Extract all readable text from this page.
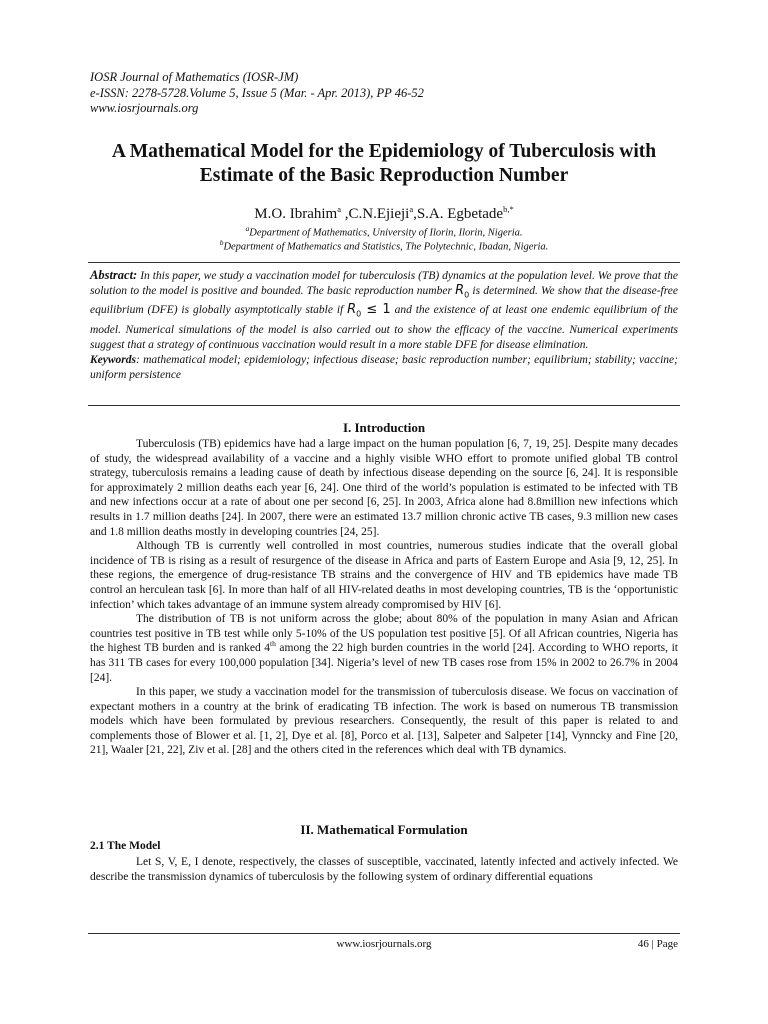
IOSR Journal of Mathematics (IOSR-JM)
e-ISSN: 2278-5728.Volume 5, Issue 5 (Mar. - Apr. 2013), PP 46-52
www.iosrjournals.org
A Mathematical Model for the Epidemiology of Tuberculosis with
Estimate of the Basic Reproduction Number
M.O. Ibrahim$^a$ ,C.N.Ejieji$^a$,S.A. Egbetade$^{b,*}$
$^a$Department of Mathematics, University of Ilorin, Ilorin, Nigeria.
$^b$Department of Mathematics and Statistics, The Polytechnic, Ibadan, Nigeria.
Abstract: In this paper, we study a vaccination model for tuberculosis (TB) dynamics at the population level. We prove that the solution to the model is positive and bounded. The basic reproduction number $R_0$ is determined. We show that the disease-free equilibrium (DFE) is globally asymptotically stable if $R_0 \le 1$ and the existence of at least one endemic equilibrium of the model. Numerical simulations of the model is also carried out to show the efficacy of the vaccine. Numerical experiments suggest that a strategy of continuous vaccination would result in a more stable DFE for disease elimination.
Keywords: mathematical model; epidemiology; infectious disease; basic reproduction number; equilibrium; stability; vaccine; uniform persistence
I. Introduction

Tuberculosis (TB) epidemics have had a large impact on the human population [6, 7, 19, 25]. Despite many decades of study, the widespread availability of a vaccine and a highly visible WHO effort to promote unified global TB control strategy, tuberculosis remains a leading cause of death by infectious disease depending on the source [6, 24]. It is responsible for approximately 2 million deaths each year [6, 24]. One third of the world’s population is estimated to be infected with TB and new infections occur at a rate of about one per second [6, 25]. In 2003, Africa alone had 8.8million new infections which results in 1.7 million deaths [24]. In 2007, there were an estimated 13.7 million chronic active TB cases, 9.3 million new cases and 1.8 million deaths mostly in developing countries [24, 25].

Although TB is currently well controlled in most countries, numerous studies indicate that the overall global incidence of TB is rising as a result of resurgence of the disease in Africa and parts of Eastern Europe and Asia [9, 12, 25]. In these regions, the emergence of drug-resistance TB strains and the convergence of HIV and TB epidemics have made TB control an herculean task [6]. In more than half of all HIV-related deaths in most developing countries, TB is the ‘opportunistic infection’ which takes advantage of an immune system already compromised by HIV [6].

The distribution of TB is not uniform across the globe; about 80% of the population in many Asian and African countries test positive in TB test while only 5-10% of the US population test positive [5]. Of all African countries, Nigeria has the highest TB burden and is ranked 4th among the 22 high burden countries in the world [24]. According to WHO reports, it has 311 TB cases for every 100,000 population [34]. Nigeria’s level of new TB cases rose from 15% in 2002 to 26.7% in 2004 [24].

In this paper, we study a vaccination model for the transmission of tuberculosis disease. We focus on vaccination of expectant mothers in a country at the brink of eradicating TB infection. The work is based on numerous TB transmission models which have been formulated by previous researchers. Consequently, the result of this paper is related to and complements those of Blower et al. [1, 2], Dye et al. [8], Porco et al. [13], Salpeter and Salpeter [14], Vynncky and Fine [20, 21], Waaler [21, 22], Ziv et al. [28] and the others cited in the references which deal with TB dynamics.

II. Mathematical Formulation
2.1 The Model

Let S, V, E, I denote, respectively, the classes of susceptible, vaccinated, latently infected and actively infected. We describe the transmission dynamics of tuberculosis by the following system of ordinary differential equations

www.iosrjournals.org	46 | Page
